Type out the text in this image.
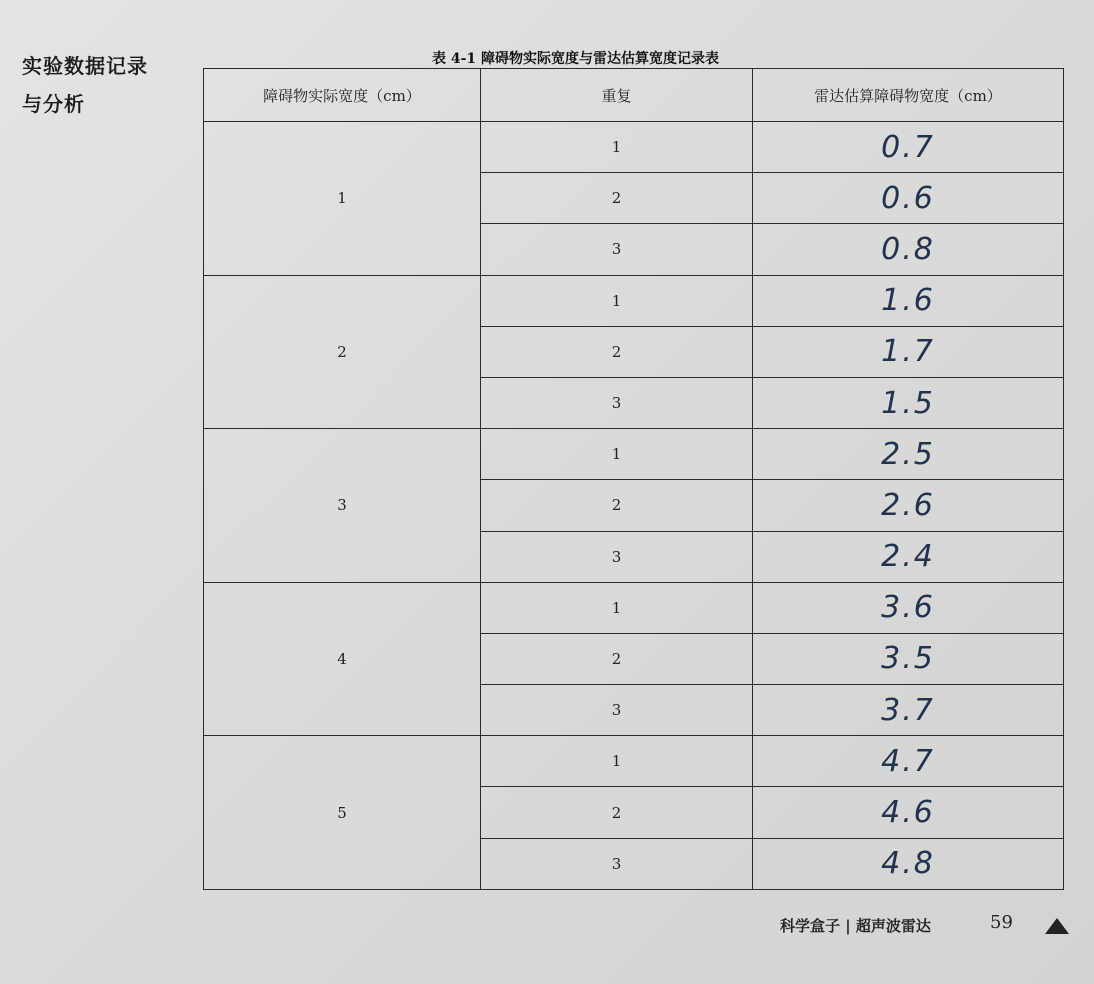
实验数据记录
与分析
表 4-1 障碍物实际宽度与雷达估算宽度记录表
障碍物实际宽度（cm）	重复	雷达估算障碍物宽度（cm）
1	1	0.7
	2	0.6
	3	0.8
2	1	1.6
	2	1.7
	3	1.5
3	1	2.5
	2	2.6
	3	2.4
4	1	3.6
	2	3.5
	3	3.7
5	1	4.7
	2	4.6
	3	4.8
科学盒子 | 超声波雷达	59
